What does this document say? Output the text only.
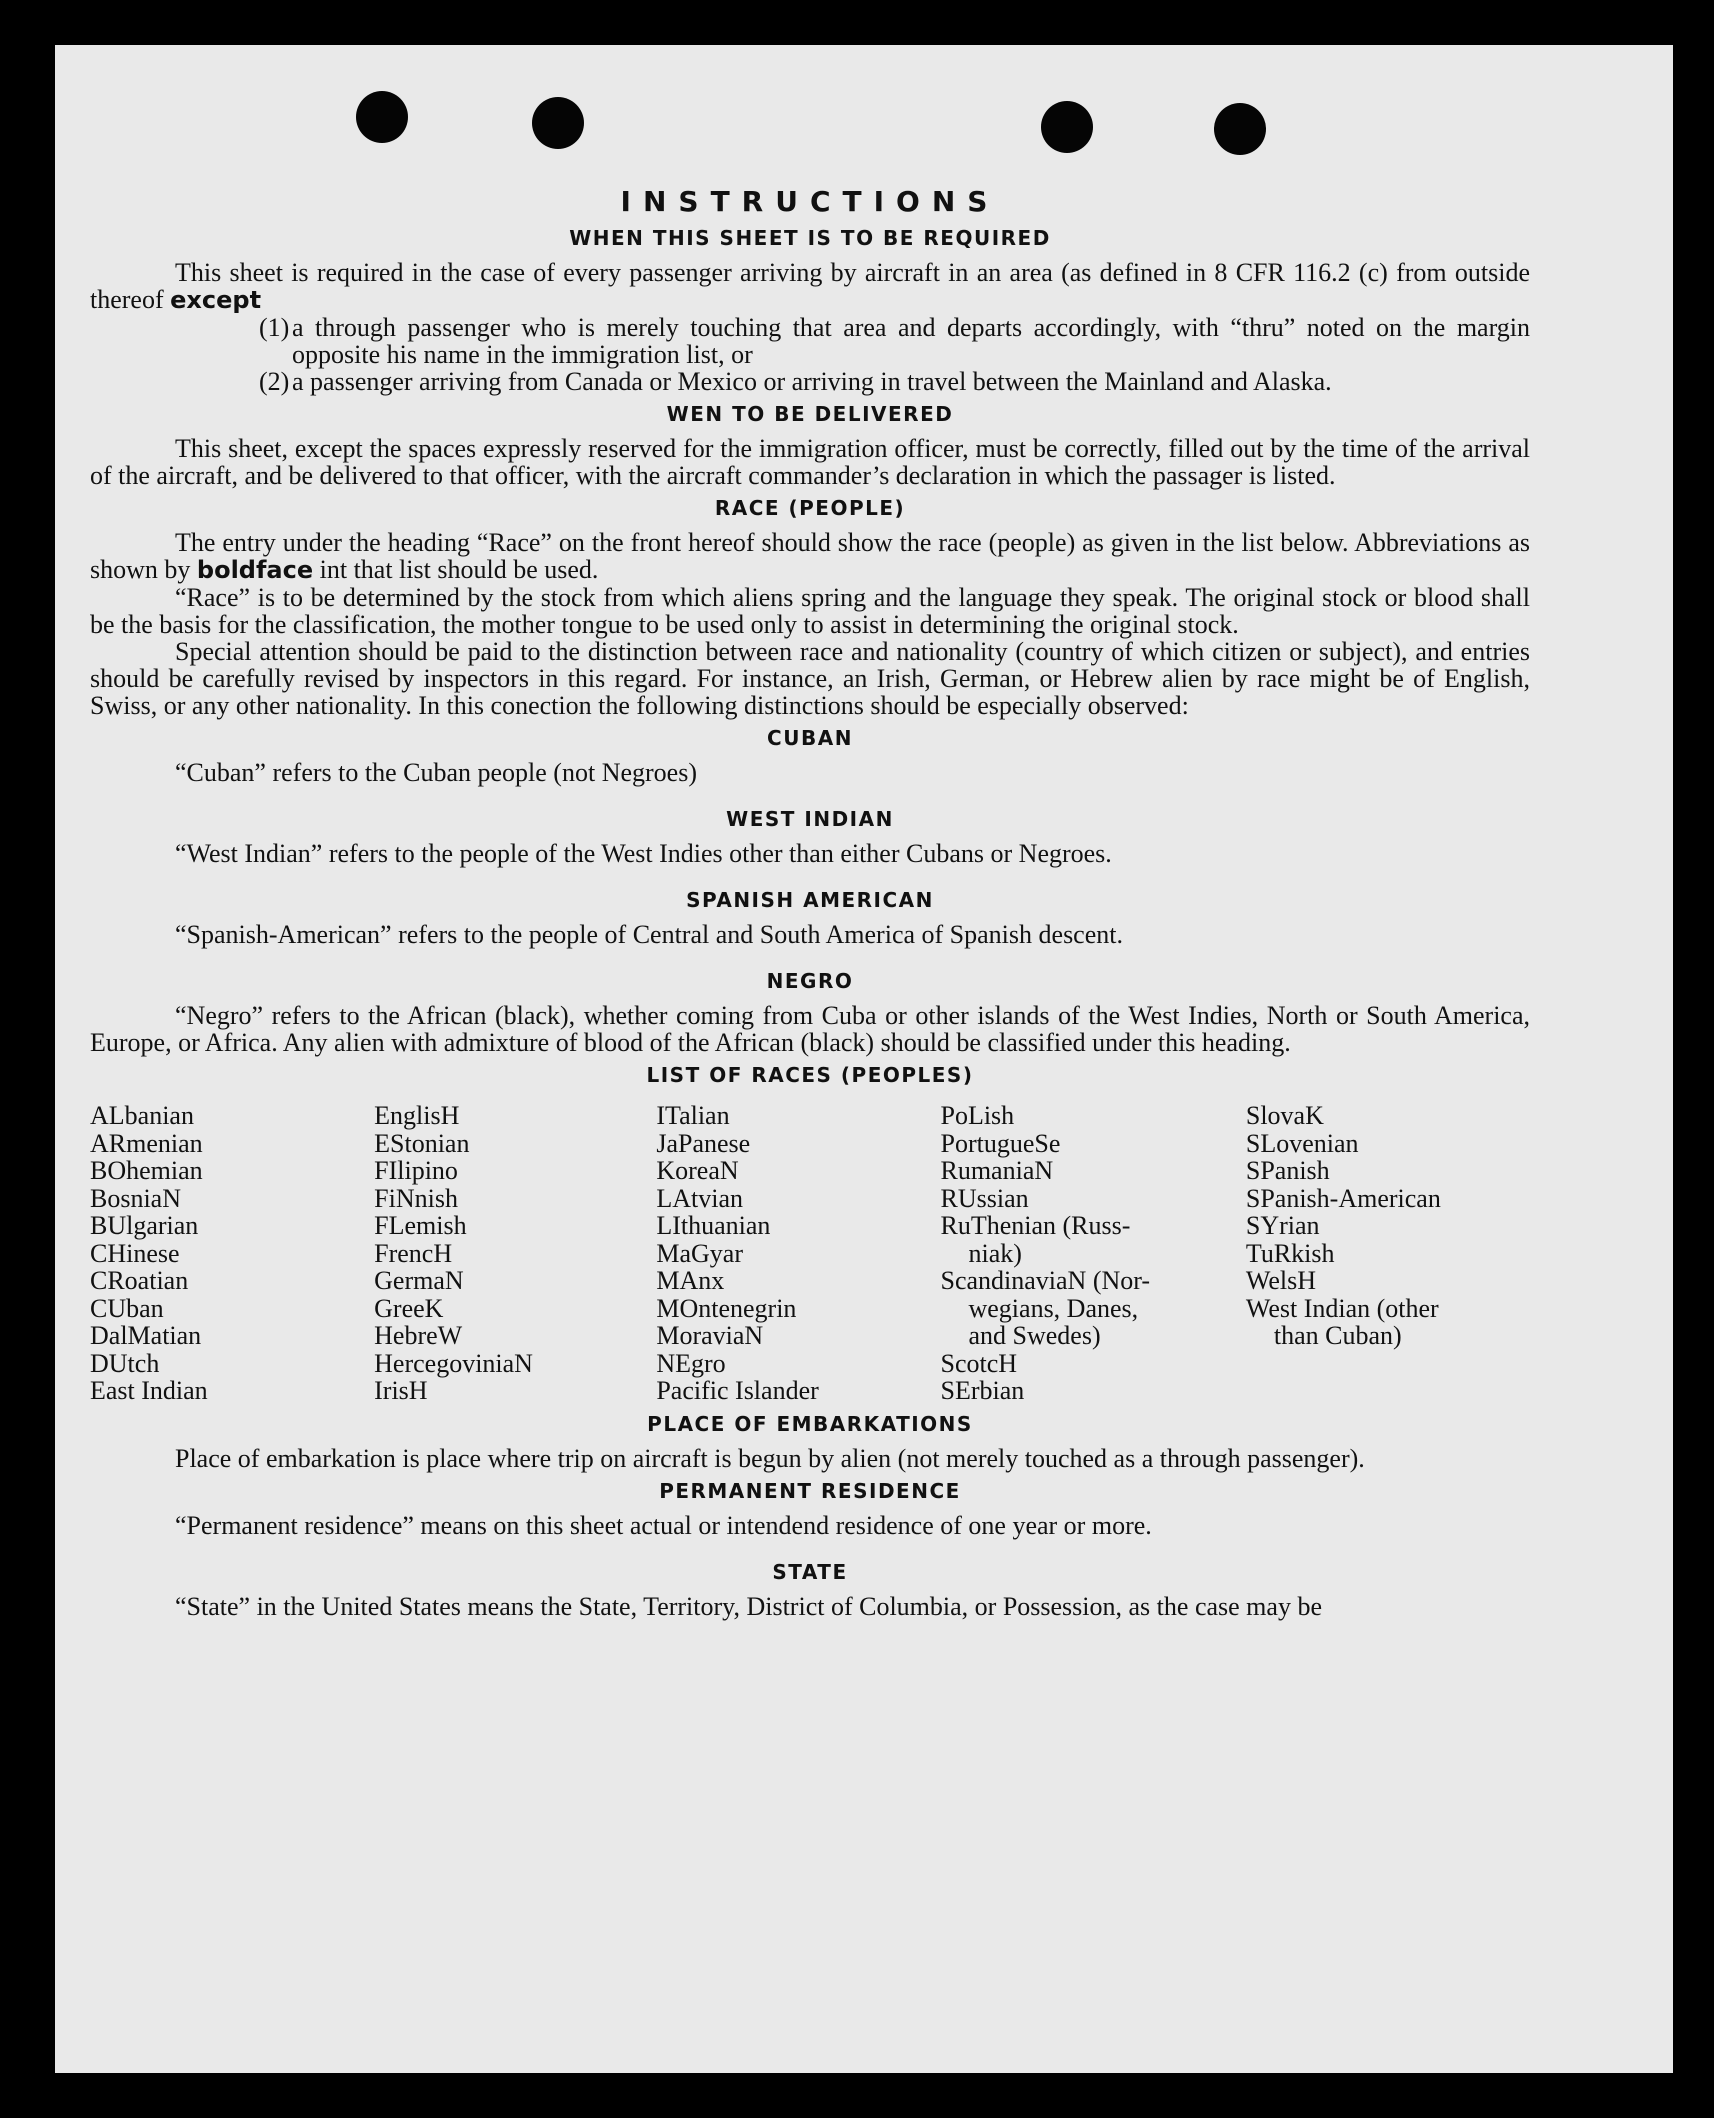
INSTRUCTIONS
WHEN THIS SHEET IS TO BE REQUIRED

This sheet is required in the case of every passenger arriving by aircraft in an area (as defined in 8 CFR 116.2 (c) from outside thereof except

(1) a through passenger who is merely touching that area and departs accordingly, with “thru” noted on the margin opposite his name in the immigration list, or

(2) a passenger arriving from Canada or Mexico or arriving in travel between the Mainland and Alaska.

WEN TO BE DELIVERED

This sheet, except the spaces expressly reserved for the immigration officer, must be correctly, filled out by the time of the arrival of the aircraft, and be delivered to that officer, with the aircraft commander’s declaration in which the passager is listed.

RACE (PEOPLE)

The entry under the heading “Race” on the front hereof should show the race (people) as given in the list below. Abbreviations as shown by boldface int that list should be used.

“Race” is to be determined by the stock from which aliens spring and the language they speak. The original stock or blood shall be the basis for the classification, the mother tongue to be used only to assist in determining the original stock.

Special attention should be paid to the distinction between race and nationality (country of which citizen or subject), and entries should be carefully revised by inspectors in this regard. For instance, an Irish, German, or Hebrew alien by race might be of English, Swiss, or any other nationality. In this conection the following distinctions should be especially observed:

CUBAN

“Cuban” refers to the Cuban people (not Negroes)

WEST INDIAN

“West Indian” refers to the people of the West Indies other than either Cubans or Negroes.

SPANISH AMERICAN

“Spanish-American” refers to the people of Central and South America of Spanish descent.

NEGRO

“Negro” refers to the African (black), whether coming from Cuba or other islands of the West Indies, North or South America, Europe, or Africa. Any alien with admixture of blood of the African (black) should be classified under this heading.

LIST OF RACES (PEOPLES)
ALbanian
ARmenian
BOhemian
BosniaN
BUlgarian
CHinese
CRoatian
CUban
DalMatian
DUtch
East Indian
EnglisH
EStonian
FIlipino
FiNnish
FLemish
FrencH
GermaN
GreeK
HebreW
HercegoviniaN
IrisH
ITalian
JaPanese
KoreaN
LAtvian
LIthuanian
MaGyar
MAnx
MOntenegrin
MoraviaN
NEgro
Pacific Islander
PoLish
PortugueSe
RumaniaN
RUssian
RuThenian (Russ-
niak)
ScandinaviaN (Nor-
wegians, Danes,
and Swedes)
ScotcH
SErbian
SlovaK
SLovenian
SPanish
SPanish-American
SYrian
TuRkish
WelsH
West Indian (other
than Cuban)
PLACE OF EMBARKATIONS

Place of embarkation is place where trip on aircraft is begun by alien (not merely touched as a through passenger).

PERMANENT RESIDENCE

“Permanent residence” means on this sheet actual or intendend residence of one year or more.

STATE

“State” in the United States means the State, Territory, District of Columbia, or Possession, as the case may be
